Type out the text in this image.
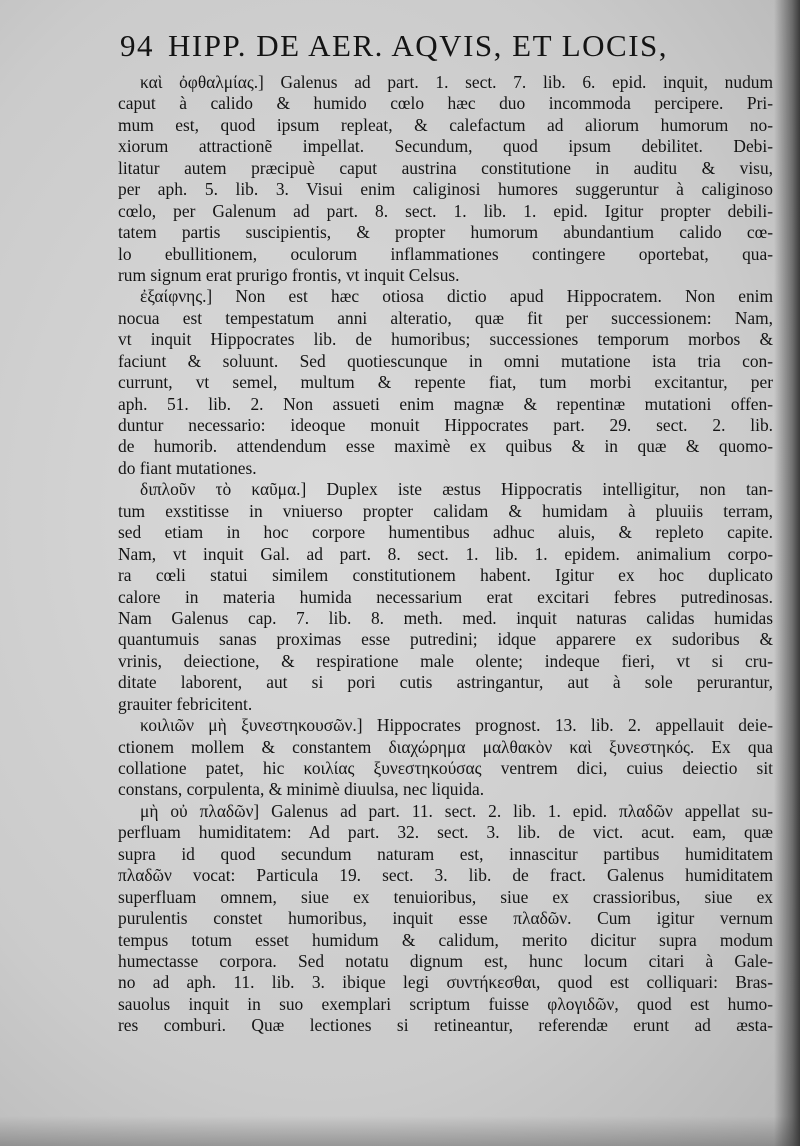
94 HIPP. DE AER. AQVIS, ET LOCIS,
καὶ ὀφθαλμίας.] Galenus ad part. 1. sect. 7. lib. 6. epid. inquit, nudum
caput à calido & humido cœlo hæc duo incommoda percipere. Pri-
mum est, quod ipsum repleat, & calefactum ad aliorum humorum no-
xiorum attractionẽ impellat. Secundum, quod ipsum debilitet. Debi-
litatur autem præcipuè caput austrina constitutione in auditu & visu,
per aph. 5. lib. 3. Visui enim caliginosi humores suggeruntur à caliginoso
cœlo, per Galenum ad part. 8. sect. 1. lib. 1. epid. Igitur propter debili-
tatem partis suscipientis, & propter humorum abundantium calido cœ-
lo ebullitionem, oculorum inflammationes contingere oportebat, qua-
rum signum erat prurigo frontis, vt inquit Celsus.
ἐξαίφνης.] Non est hæc otiosa dictio apud Hippocratem. Non enim
nocua est tempestatum anni alteratio, quæ fit per successionem: Nam,
vt inquit Hippocrates lib. de humoribus; successiones temporum morbos &
faciunt & soluunt. Sed quotiescunque in omni mutatione ista tria con-
currunt, vt semel, multum & repente fiat, tum morbi excitantur, per
aph. 51. lib. 2. Non assueti enim magnæ & repentinæ mutationi offen-
duntur necessario: ideoque monuit Hippocrates part. 29. sect. 2. lib.
de humorib. attendendum esse maximè ex quibus & in quæ & quomo-
do fiant mutationes.
διπλοῦν τὸ καῦμα.] Duplex iste æstus Hippocratis intelligitur, non tan-
tum exstitisse in vniuerso propter calidam & humidam à pluuiis terram,
sed etiam in hoc corpore humentibus adhuc aluis, & repleto capite.
Nam, vt inquit Gal. ad part. 8. sect. 1. lib. 1. epidem. animalium corpo-
ra cœli statui similem constitutionem habent. Igitur ex hoc duplicato
calore in materia humida necessarium erat excitari febres putredinosas.
Nam Galenus cap. 7. lib. 8. meth. med. inquit naturas calidas humidas
quantumuis sanas proximas esse putredini; idque apparere ex sudoribus &
vrinis, deiectione, & respiratione male olente; indeque fieri, vt si cru-
ditate laborent, aut si pori cutis astringantur, aut à sole perurantur,
grauiter febricitent.
κοιλιῶν μὴ ξυνεστηκουσῶν.] Hippocrates prognost. 13. lib. 2. appellauit deie-
ctionem mollem & constantem διαχώρημα μαλθακὸν καὶ ξυνεστηκός. Ex qua
collatione patet, hic κοιλίας ξυνεστηκούσας ventrem dici, cuius deiectio sit
constans, corpulenta, & minimè diuulsa, nec liquida.
μὴ οὐ πλαδῶν] Galenus ad part. 11. sect. 2. lib. 1. epid. πλαδῶν appellat su-
perfluam humiditatem: Ad part. 32. sect. 3. lib. de vict. acut. eam, quæ
supra id quod secundum naturam est, innascitur partibus humiditatem
πλαδῶν vocat: Particula 19. sect. 3. lib. de fract. Galenus humiditatem
superfluam omnem, siue ex tenuioribus, siue ex crassioribus, siue ex
purulentis constet humoribus, inquit esse πλαδῶν. Cum igitur vernum
tempus totum esset humidum & calidum, merito dicitur supra modum
humectasse corpora. Sed notatu dignum est, hunc locum citari à Gale-
no ad aph. 11. lib. 3. ibique legi συντήκεσθαι, quod est colliquari: Bras-
sauolus inquit in suo exemplari scriptum fuisse φλογιδῶν, quod est humo-
res comburi. Quæ lectiones si retineantur, referendæ erunt ad æsta-
